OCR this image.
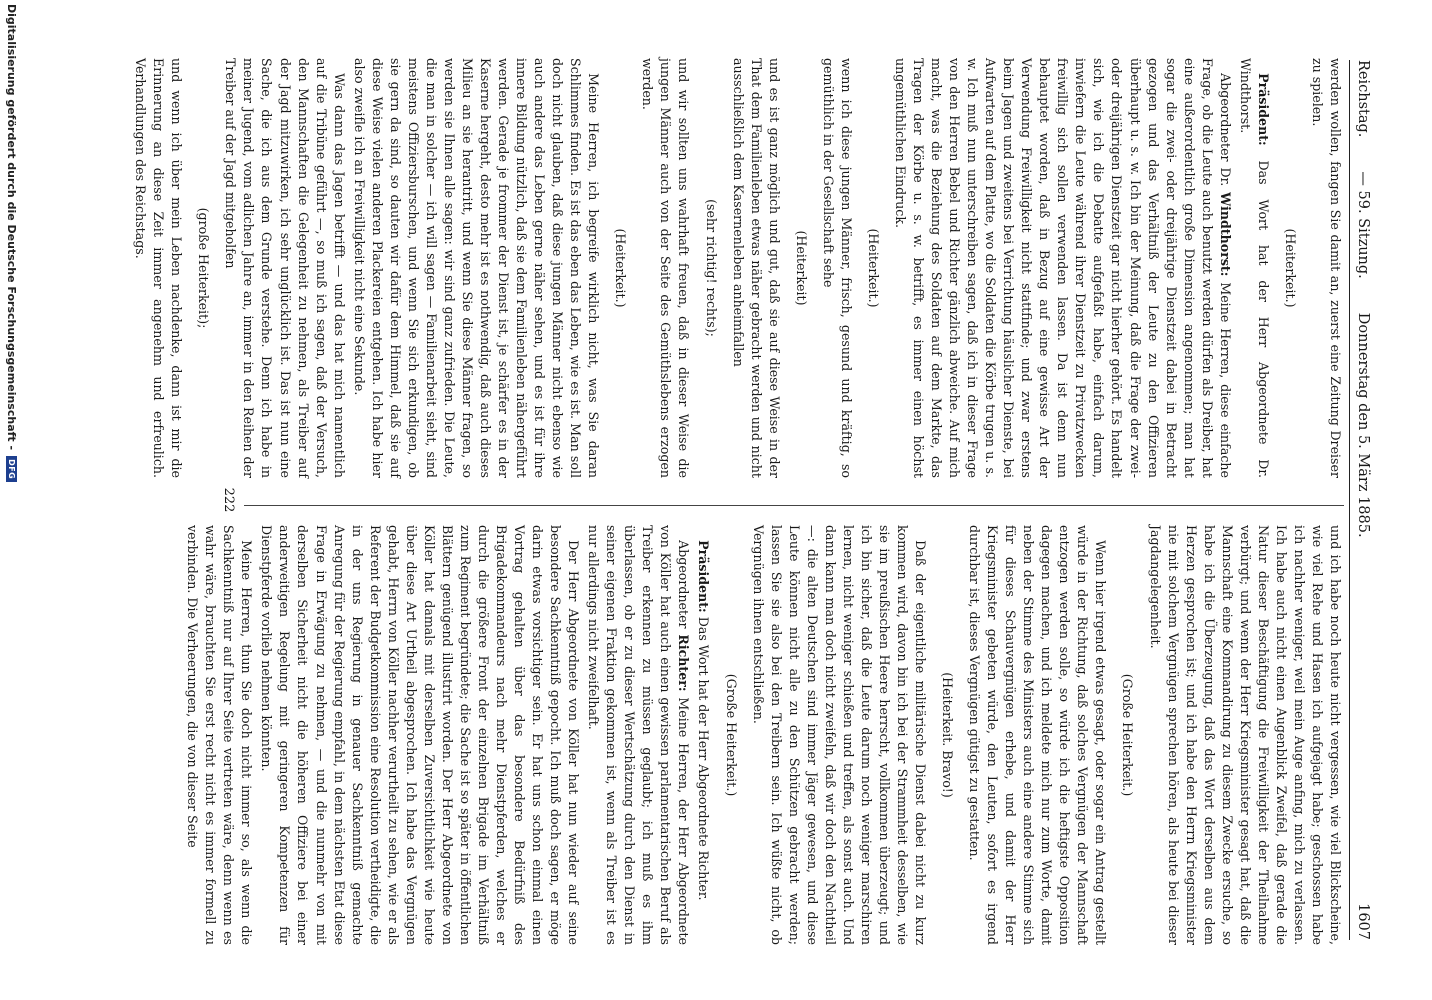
Reichstag.
— 59. Sitzung.
Donnerstag den 5. März 1885.
1607

werden wollen, fangen Sie damit an, zuerst eine Zeitung Dreiser zu spielen.

(Heiterkeit.)

Präsident: Das Wort hat der Herr Abgeordnete Dr. Windthorst.

Abgeordneter Dr. Windthorst: Meine Herren, diese einfache Frage, ob die Leute auch benutzt werden dürfen als Dreiber, hat eine außerordentlich große Dimension angenommen; man hat sogar die zwei- oder dreijährige Dienstzeit dabei in Betracht gezogen und das Verhältniß der Leute zu den Offizieren überhaupt u. s. w. Ich bin der Meinung, daß die Frage der zwei- oder dreijährigen Dienstzeit gar nicht hierher gehört. Es handelt sich, wie ich die Debatte aufgefaßt habe, einfach darum, inwiefern die Leute während ihrer Dienstzeit zu Privatzwecken freiwillig sich sollen verwenden lassen. Da ist denn nun behauptet worden, daß in Bezug auf eine gewisse Art der Verwendung Freiwilligkeit nicht stattfinde; und zwar erstens beim Jagen und zweitens bei Verrichtung häuslicher Dienste, bei Aufwarten auf dem Platte, wo die Soldaten die Körbe trugen u. s. w. Ich muß nun unterschreiben sagen, daß ich in dieser Frage von den Herren Bebel und Richter gänzlich abweiche. Auf mich macht, was die Beziehung des Soldaten auf dem Markte, das Tragen der Körbe u. s. w. betrifft, es immer einen höchst ungemüthlichen Eindruck.

(Heiterkeit.)

wenn ich diese jungen Männer, frisch, gesund und kräftig, so gemüthlich in der Gesellschaft sehe

(Heiterkeit)

und es ist ganz möglich und gut, daß sie auf diese Weise in der That dem Familienleben etwas näher gebracht werden und nicht ausschließlich dem Kasernenleben anheimfallen

(sehr richtig! rechts);

und wir sollten uns wahrhaft freuen, daß in dieser Weise die jungen Männer auch von der Seite des Gemüthslebens erzogen werden.

(Heiterkeit.)

Meine Herren, ich begreife wirklich nicht, was Sie daran Schlimmes finden. Es ist das eben das Leben, wie es ist. Man soll doch nicht glauben, daß diese jungen Männer nicht ebenso wie auch andere das Leben gerne näher sehen, und es ist für ihre innere Bildung nützlich, daß sie dem Familienleben nähergeführt werden. Gerade je frommer der Dienst ist, je schärfer es in der Kaserne hergeht, desto mehr ist es nothwendig, daß auch dieses Milieu an sie herantritt, und wenn Sie diese Männer fragen, so werden sie Ihnen alle sagen: wir sind ganz zufrieden. Die Leute, die man in solcher — ich will sagen — Familienarbeit sieht, sind meistens Offiziersburschen, und wenn Sie sich erkundigen, ob sie gern da sind, so dauten wir dafür dem Himmel, daß sie auf diese Weise vielen anderen Plackereien entgehen. Ich habe hier also zweifle ich an Freiwilligkeit nicht eine Sekunde.

Was dann das Jagen betrifft — und das hat mich namentlich auf die Tribüne geführt —, so muß ich sagen, daß der Versuch, den Mannschaften die Gelegenheit zu nehmen, als Treiber auf der Jagd mitzuwirken, ich sehr unglücklich ist. Das ist nun eine Sache, die ich aus dem Grunde verstehe. Denn ich habe in meiner Jugend, vom adlichen Jahre an, immer in den Reihen der Treiber auf der Jagd mitgeholfen

(große Heiterkeit);

und wenn ich über mein Leben nachdenke, dann ist mir die Erinnerung an diese Zeit immer angenehm und erfreulich. Verhandlungen des Reichstags.

und ich habe noch heute nicht vergessen, wie viel Blickscheine, wie viel Rehe und Hasen ich aufgejagt habe; geschossen habe ich nachher weniger, weil mein Auge anfing, mich zu verlassen. Ich habe auch nicht einen Augenblick Zweifel, daß gerade die Natur dieser Beschäftigung die Freiwilligkeit der Theilnahme verbürgt; und wenn der Herr Kriegsminister gesagt hat, daß die Mannschaft eine Kommandirung zu diesem Zwecke ersuche, so habe ich die Überzeugung, daß das Wort derselben aus dem Herzen gesprochen ist; und ich habe den Herrn Kriegsminister nie mit solchem Vergnügen sprechen hören, als heute bei dieser Jagdangelegenheit.

(Große Heiterkeit.)

Wenn hier irgend etwas gesagt, oder sogar ein Antrag gestellt würde in der Richtung, daß solches Vergnügen der Mannschaft entzogen werden solle, so würde ich die heftigste Opposition dagegen machen, und ich meldete mich nur zum Worte, damit neben der Stimme des Ministers auch eine andere Stimme sich für dieses Schauvergnügen erhebe, und damit der Herr Kriegsminister gebeten würde, den Leuten, sofort es irgend durchbar ist, dieses Vergnügen gütigst zu gestatten.

(Heiterkeit. Bravo!)

Daß der eigentliche militärische Dienst dabei nicht zu kurz kommen wird, davon bin ich bei der Strammheit desselben, wie sie im preußischen Heere herrscht, vollkommen überzeugt; und ich bin sicher, daß die Leute darum noch weniger marschiren lernen, nicht weniger schießen und treffen, als sonst auch. Und dann kann man doch nicht zweifeln, daß wir doch den Nachtheil —: die alten Deutschen sind immer Jäger gewesen, und diese Leute können nicht alle zu den Schützen gebracht werden; lassen Sie sie also bei den Treibern sein. Ich wüßte nicht, ob Vergnügen ihnen entschließen.

(Große Heiterkeit.)

Präsident: Das Wort hat der Herr Abgeordnete Richter.

Abgeordneter Richter: Meine Herren, der Herr Abgeordnete von Köller hat auch einen gewissen parlamentarischen Beruf als Treiber erkennen zu müssen geglaubt; ich muß es ihm überlassen, ob er zu dieser Wertschätzung durch den Dienst in seiner eigenen Fraktion gekommen ist, wenn als Treiber ist es nur allerdings nicht zweifelhaft.

Der Herr Abgeordnete von Köller hat nun wieder auf seine besondere Sachkenntniß gepocht. Ich muß doch sagen, er möge darin etwas vorsichtiger sein. Er hat uns schon einmal einen Vortrag gehalten über das besondere Bedürfniß des Brigadekommandeurs nach mehr Dienstpferden, welches er durch die größere Front der einzelnen Brigade im Verhältniß zum Regiment begründete; die Sache ist so später in öffentlichen Blättern genügend illustrirt worden. Der Herr Abgeordnete von Köller hat damals mit derselben Zuversichtlichkeit wie heute über diese Art Urtheil abgesprochen. Ich habe das Vergnügen gehabt, Herrn von Köller nachher verurtheilt zu sehen, wie er als Referent der Budgetkommission eine Resolution vertheidigte, die in der uns Regierung in genauer Sachkenntniß gemachte Anregung für der Regierung empfahl, in dem nächsten Etat diese Frage in Erwägung zu nehmen, — und die nunmehr von mit derselben Sicherheit nicht die höheren Offiziere bei einer anderweitigen Regelung mit geringeren Kompetenzen für Dienstpferde vorlieb nehmen könnten.

Meine Herren, thun Sie doch nicht immer so, als wenn die Sachkenntniß nur auf Ihrer Seite vertreten wäre, denn wenn es wahr wäre, brauchten Sie erst recht nicht es immer formell zu verbinden. Die Verheerungen, die von dieser Seite

222
Digitalisierung gefördert durch die Deutsche Forschungsgemeinschaft -
DFG
